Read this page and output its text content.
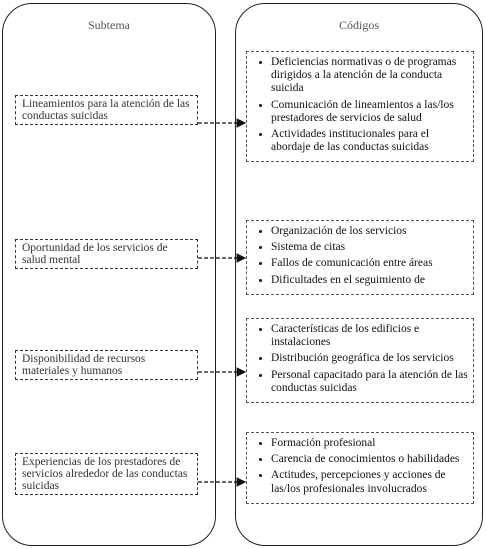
Subtema	Códigos
Lineamientos para la atención de las conductas suicidas
Oportunidad de los servicios de salud mental
Disponibilidad de recursos materiales y humanos
Experiencias de los prestadores de servicios alrededor de las conductas suicidas
• Deficiencias normativas o de programas dirigidos a la atención de la conducta suicida
• Comunicación de lineamientos a las/los prestadores de servicios de salud
• Actividades institucionales para el abordaje de las conductas suicidas
• Organización de los servicios
• Sistema de citas
• Fallos de comunicación entre áreas
• Dificultades en el seguimiento de
• Características de los edificios e instalaciones
• Distribución geográfica de los servicios
• Personal capacitado para la atención de las conductas suicidas
• Formación profesional
• Carencia de conocimientos o habilidades
• Actitudes, percepciones y acciones de las/los profesionales involucrados
